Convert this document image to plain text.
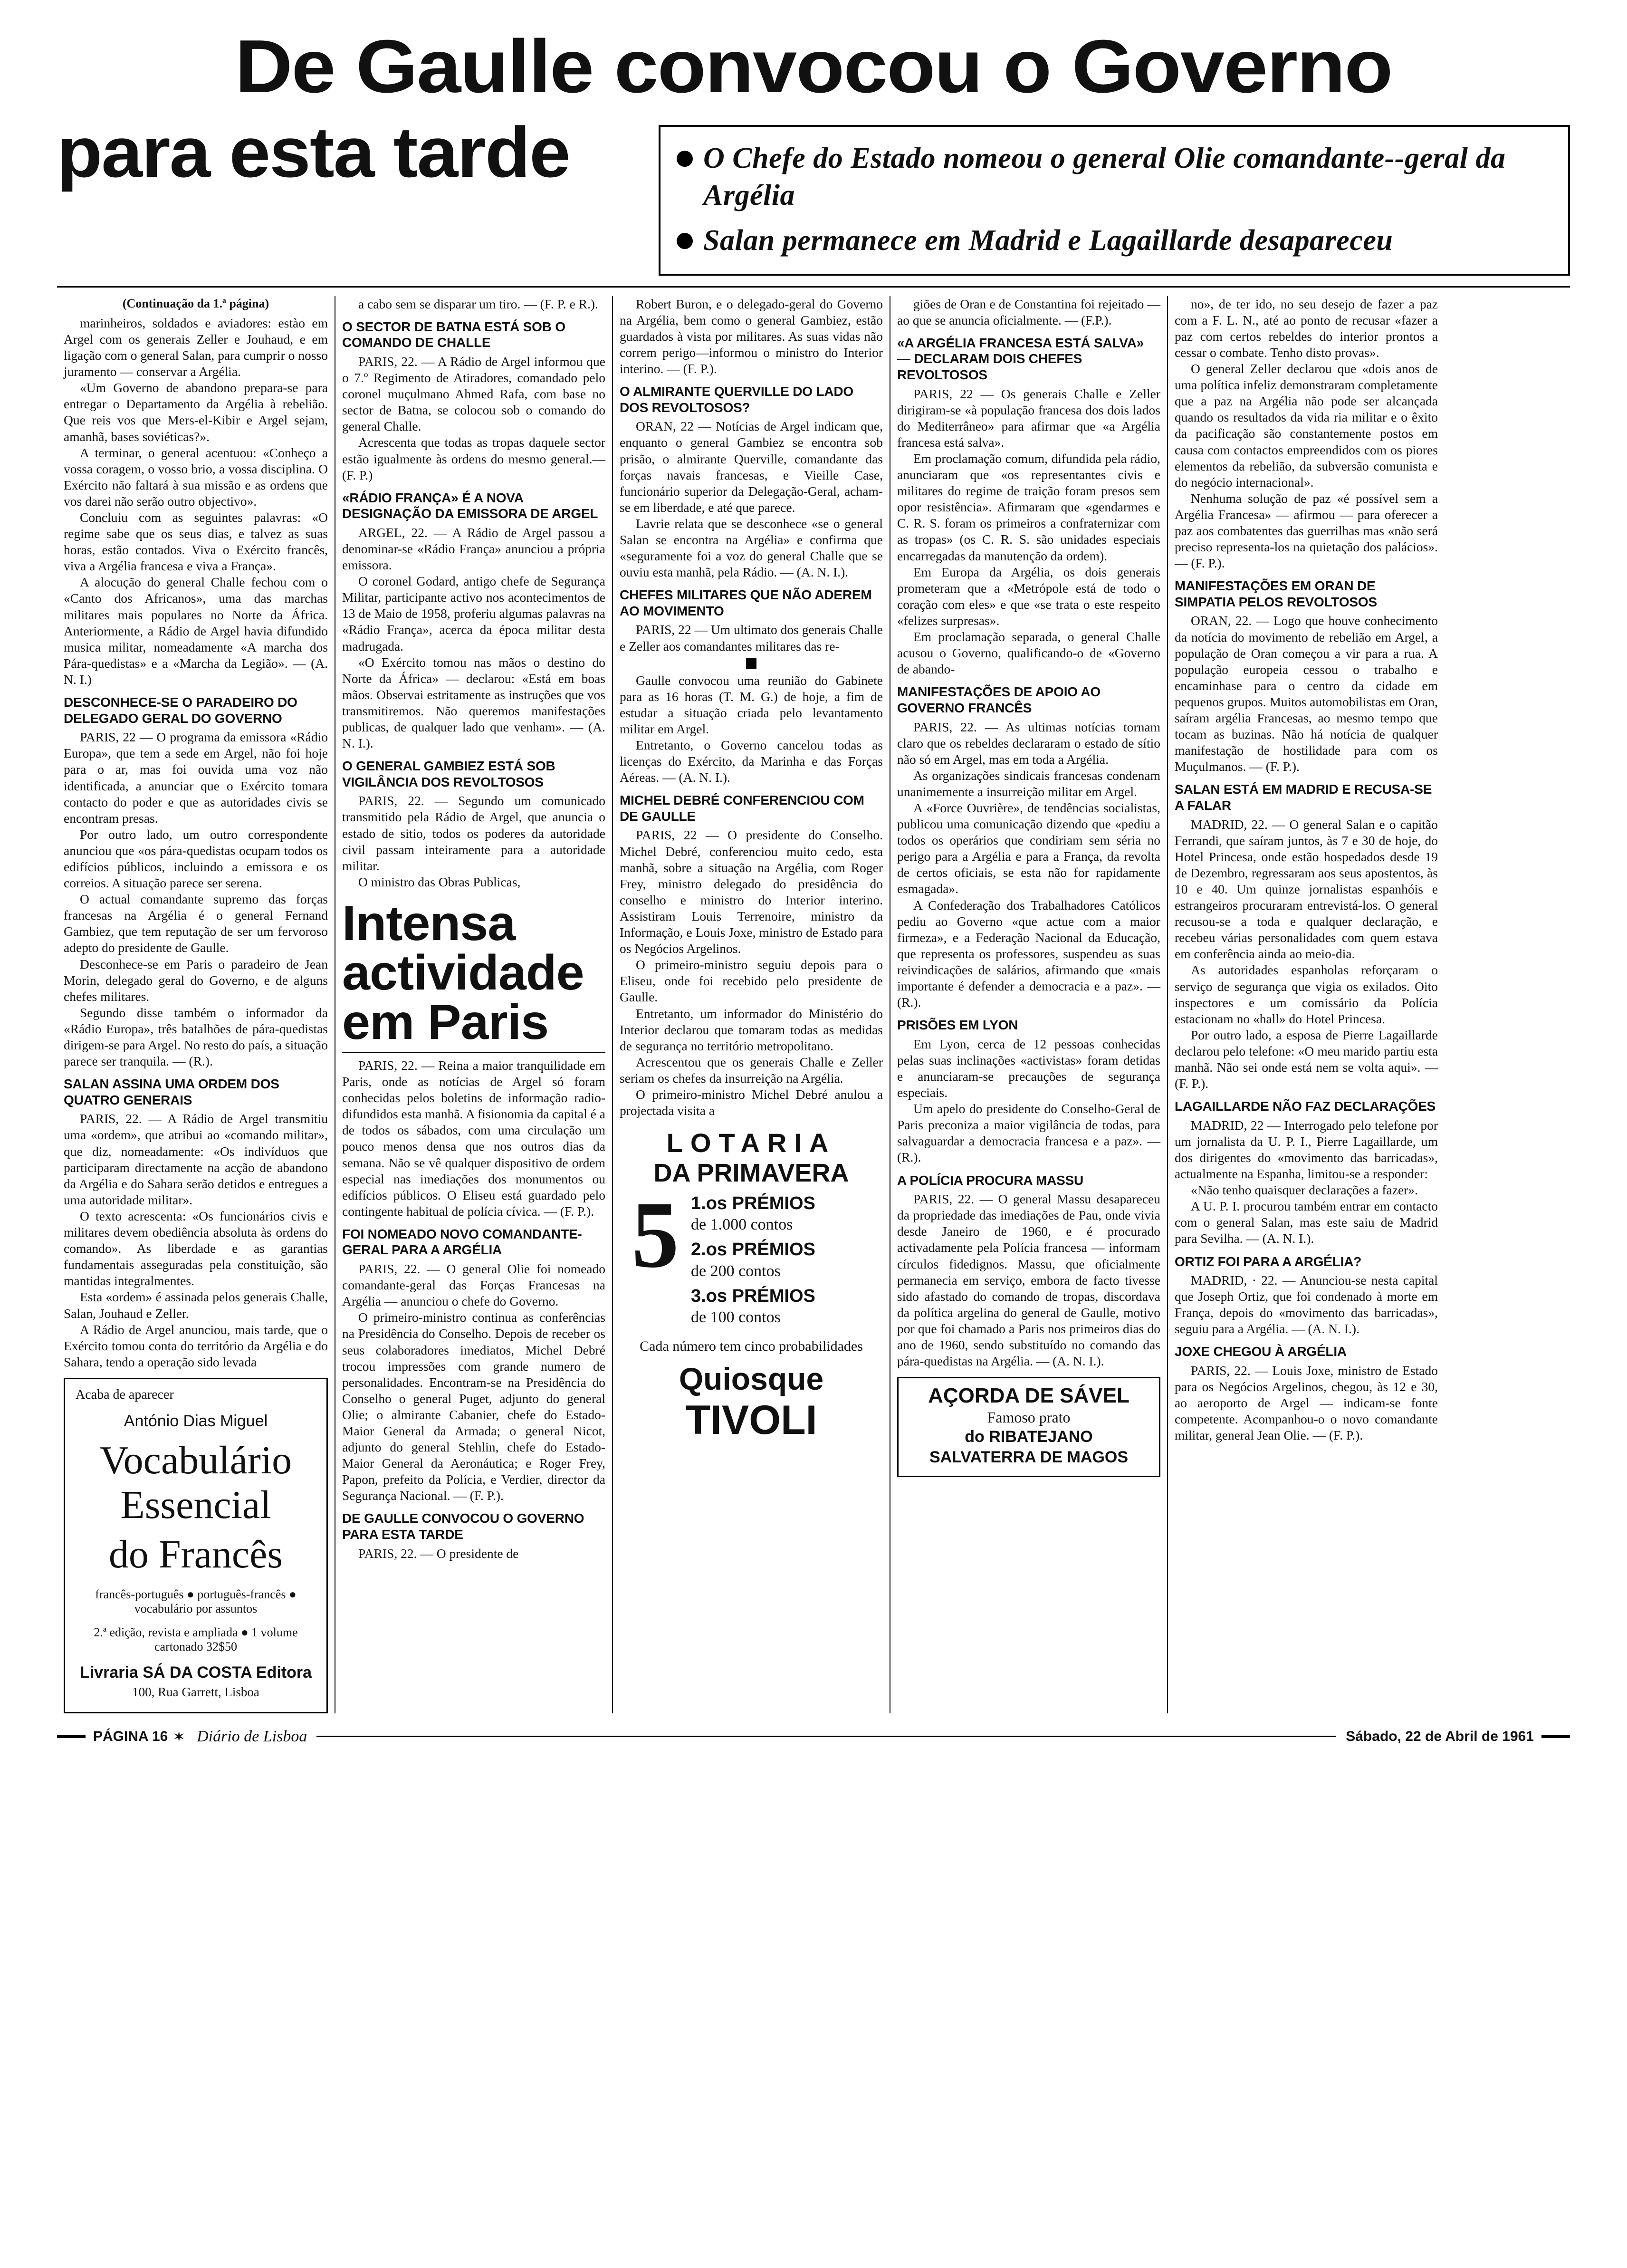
De Gaulle convocou o Governo
para esta tarde	O Chefe do Estado nomeou o general Olie comandante--geral da Argélia
Salan permanece em Madrid e Lagaillarde desapareceu
(Continuação da 1.ª página)
marinheiros, soldados e aviadores: estào em Argel com os generais Zeller e Jouhaud, e em ligação com o general Salan, para cumprir o nosso juramento — conservar a Argélia.
«Um Governo de abandono prepara-se para entregar o Departamento da Argélia à rebelião. Que reis vos que Mers-el-Kibir e Argel sejam, amanhã, bases soviéticas?».
A terminar, o general acentuou: «Conheço a vossa coragem, o vosso brio, a vossa disciplina. O Exército não faltará à sua missão e as ordens que vos darei não serão outro objectivo».
Concluiu com as seguintes palavras: «O regime sabe que os seus dias, e talvez as suas horas, estão contados. Viva o Exército francês, viva a Argélia francesa e viva a França».
A alocução do general Challe fechou com o «Canto dos Africanos», uma das marchas militares mais populares no Norte da África. Anteriormente, a Rádio de Argel havia difundido musica militar, nomeadamente «A marcha dos Pára-quedistas» e a «Marcha da Legião». — (A. N. I.)
DESCONHECE-SE O PARADEIRO DO DELEGADO GERAL DO GOVERNO
PARIS, 22 — O programa da emissora «Rádio Europa», que tem a sede em Argel, não foi hoje para o ar, mas foi ouvida uma voz não identificada, a anunciar que o Exército tomara contacto do poder e que as autoridades civis se encontram presas.
Por outro lado, um outro correspondente anunciou que «os pára-quedistas ocupam todos os edifícios públicos, incluindo a emissora e os correios. A situação parece ser serena.
O actual comandante supremo das forças francesas na Argélia é o general Fernand Gambiez, que tem reputação de ser um fervoroso adepto do presidente de Gaulle.
Desconhece-se em Paris o paradeiro de Jean Morin, delegado geral do Governo, e de alguns chefes militares.
Segundo disse também o informador da «Rádio Europa», três batalhões de pára-quedistas dirigem-se para Argel. No resto do país, a situação parece ser tranquila. — (R.).
SALAN ASSINA UMA ORDEM DOS QUATRO GENERAIS
PARIS, 22. — A Rádio de Argel transmitiu uma «ordem», que atribui ao «comando militar», que diz, nomeadamente: «Os indivíduos que participaram directamente na acção de abandono da Argélia e do Sahara serão detidos e entregues a uma autoridade militar».
O texto acrescenta: «Os funcionários civis e militares devem obediência absoluta às ordens do comando». As liberdade e as garantias fundamentais asseguradas pela constituição, são mantidas integralmentes.
Esta «ordem» é assinada pelos generais Challe, Salan, Jouhaud e Zeller.
A Rádio de Argel anunciou, mais tarde, que o Exército tomou conta do território da Argélia e do Sahara, tendo a operação sido levada
Acaba de aparecer
António Dias Miguel
Vocabulário Essencial
do Francês
francês-português ● português-francês ● vocabulário por assuntos
2.ª edição, revista e ampliada ● 1 volume cartonado 32$50
Livraria SÁ DA COSTA Editora
100, Rua Garrett, Lisboa
a cabo sem se disparar um tiro. — (F. P. e R.).
O SECTOR DE BATNA ESTÁ SOB O COMANDO DE CHALLE
PARIS, 22. — A Rádio de Argel informou que o 7.º Regimento de Atiradores, comandado pelo coronel muçulmano Ahmed Rafa, com base no sector de Batna, se colocou sob o comando do general Challe.
Acrescenta que todas as tropas daquele sector estão igualmente às ordens do mesmo general.—(F. P.)
«RÁDIO FRANÇA» É A NOVA DESIGNAÇÃO DA EMISSORA DE ARGEL
ARGEL, 22. — A Rádio de Argel passou a denominar-se «Rádio França» anunciou a própria emissora.
O coronel Godard, antigo chefe de Segurança Militar, participante activo nos acontecimentos de 13 de Maio de 1958, proferiu algumas palavras na «Rádio França», acerca da época militar desta madrugada.
«O Exército tomou nas mãos o destino do Norte da África» — declarou: «Está em boas mãos. Observai estritamente as instruções que vos transmitiremos. Não queremos manifestações publicas, de qualquer lado que venham». — (A. N. I.).
O GENERAL GAMBIEZ ESTÁ SOB VIGILÂNCIA DOS REVOLTOSOS
PARIS, 22. — Segundo um comunicado transmitido pela Rádio de Argel, que anuncia o estado de sitio, todos os poderes da autoridade civil passam inteiramente para a autoridade militar.
O ministro das Obras Publicas,
Intensa actividade em Paris
PARIS, 22. — Reina a maior tranquilidade em Paris, onde as notícias de Argel só foram conhecidas pelos boletins de informação radio-difundidos esta manhã. A fisionomia da capital é a de todos os sábados, com uma circulação um pouco menos densa que nos outros dias da semana. Não se vê qualquer dispositivo de ordem especial nas imediações dos monumentos ou edifícios públicos. O Eliseu está guardado pelo contingente habitual de polícia cívica. — (F. P.).
FOI NOMEADO NOVO COMANDANTE-GERAL PARA A ARGÉLIA
PARIS, 22. — O general Olie foi nomeado comandante-geral das Forças Francesas na Argélia — anunciou o chefe do Governo.
O primeiro-ministro continua as conferências na Presidência do Conselho. Depois de receber os seus colaboradores imediatos, Michel Debré trocou impressões com grande numero de personalidades. Encontram-se na Presidência do Conselho o general Puget, adjunto do general Olie; o almirante Cabanier, chefe do Estado-Maior General da Armada; o general Nicot, adjunto do general Stehlin, chefe do Estado-Maior General da Aeronáutica; e Roger Frey, Papon, prefeito da Polícia, e Verdier, director da Segurança Nacional. — (F. P.).
DE GAULLE CONVOCOU O GOVERNO PARA ESTA TARDE
PARIS, 22. — O presidente de
Robert Buron, e o delegado-geral do Governo na Argélia, bem como o general Gambiez, estão guardados à vista por militares. As suas vidas não correm perigo—informou o ministro do Interior interino. — (F. P.).
O ALMIRANTE QUERVILLE DO LADO DOS REVOLTOSOS?
ORAN, 22 — Notícias de Argel indicam que, enquanto o general Gambiez se encontra sob prisão, o almirante Querville, comandante das forças navais francesas, e Vieille Case, funcionário superior da Delegação-Geral, acham-se em liberdade, e até que parece.
Lavrie relata que se desconhece «se o general Salan se encontra na Argélia» e confirma que «seguramente foi a voz do general Challe que se ouviu esta manhã, pela Rádio. — (A. N. I.).
CHEFES MILITARES QUE NÃO ADEREM AO MOVIMENTO
PARIS, 22 — Um ultimato dos generais Challe e Zeller aos comandantes militares das re-
Gaulle convocou uma reunião do Gabinete para as 16 horas (T. M. G.) de hoje, a fim de estudar a situação criada pelo levantamento militar em Argel.
Entretanto, o Governo cancelou todas as licenças do Exército, da Marinha e das Forças Aéreas. — (A. N. I.).
MICHEL DEBRÉ CONFERENCIOU COM DE GAULLE
PARIS, 22 — O presidente do Conselho. Michel Debré, conferenciou muito cedo, esta manhã, sobre a situação na Argélia, com Roger Frey, ministro delegado do presidência do conselho e ministro do Interior interino. Assistiram Louis Terrenoire, ministro da Informação, e Louis Joxe, ministro de Estado para os Negócios Argelinos.
O primeiro-ministro seguiu depois para o Eliseu, onde foi recebido pelo presidente de Gaulle.
Entretanto, um informador do Ministério do Interior declarou que tomaram todas as medidas de segurança no território metropolitano.
Acrescentou que os generais Challe e Zeller seriam os chefes da insurreição na Argélia.
O primeiro-ministro Michel Debré anulou a projectada visita a
LOTARIA
DA PRIMAVERA
5 1.os PRÉMIOS
de 1.000 contos
2.os PRÉMIOS
de 200 contos
3.os PRÉMIOS
de 100 contos
Cada número tem cinco probabilidades
Quiosque TIVOLI
giões de Oran e de Constantina foi rejeitado — ao que se anuncia oficialmente. — (F.P.).
«A ARGÉLIA FRANCESA ESTÁ SALVA» — DECLARAM DOIS CHEFES REVOLTOSOS
PARIS, 22 — Os generais Challe e Zeller dirigiram-se «à população francesa dos dois lados do Mediterrâneo» para afirmar que «a Argélia francesa está salva».
Em proclamação comum, difundida pela rádio, anunciaram que «os representantes civis e militares do regime de traição foram presos sem opor resistência». Afirmaram que «gendarmes e C. R. S. foram os primeiros a confraternizar com as tropas» (os C. R. S. são unidades especiais encarregadas da manutenção da ordem).
Em Europa da Argélia, os dois generais prometeram que a «Metrópole está de todo o coração com eles» e que «se trata o este respeito «felizes surpresas».
Em proclamação separada, o general Challe acusou o Governo, qualificando-o de «Governo de abando-
MANIFESTAÇÕES DE APOIO AO GOVERNO FRANCÊS
PARIS, 22. — As ultimas notícias tornam claro que os rebeldes declararam o estado de sítio não só em Argel, mas em toda a Argélia.
As organizações sindicais francesas condenam unanimemente a insurreição militar em Argel.
A «Force Ouvrière», de tendências socialistas, publicou uma comunicação dizendo que «pediu a todos os operários que condiriam sem séria no perigo para a Argélia e para a França, da revolta de certos oficiais, se esta não for rapidamente esmagada».
A Confederação dos Trabalhadores Católicos pediu ao Governo «que actue com a maior firmeza», e a Federação Nacional da Educação, que representa os professores, suspendeu as suas reivindicações de salários, afirmando que «mais importante é defender a democracia e a paz». — (R.).
PRISÕES EM LYON
Em Lyon, cerca de 12 pessoas conhecidas pelas suas inclinações «activistas» foram detidas e anunciaram-se precauções de segurança especiais.
Um apelo do presidente do Conselho-Geral de Paris preconiza a maior vigilância de todas, para salvaguardar a democracia francesa e a paz». — (R.).
A POLÍCIA PROCURA MASSU
PARIS, 22. — O general Massu desapareceu da propriedade das imediações de Pau, onde vivia desde Janeiro de 1960, e é procurado activadamente pela Polícia francesa — informam círculos fidedignos. Massu, que oficialmente permanecia em serviço, embora de facto tivesse sido afastado do comando de tropas, discordava da política argelina do general de Gaulle, motivo por que foi chamado a Paris nos primeiros dias do ano de 1960, sendo substituído no comando das pára-quedistas na Argélia. — (A. N. I.).
AÇORDA DE SÁVEL
Famoso prato
do RIBATEJANO
SALVATERRA DE MAGOS
no», de ter ido, no seu desejo de fazer a paz com a F. L. N., até ao ponto de recusar «fazer a paz com certos rebeldes do interior prontos a cessar o combate. Tenho disto provas».
O general Zeller declarou que «dois anos de uma política infeliz demonstraram completamente que a paz na Argélia não pode ser alcançada quando os resultados da vida ria militar e o êxito da pacificação são constantemente postos em causa com contactos empreendidos com os piores elementos da rebelião, da subversão comunista e do negócio internacional».
Nenhuma solução de paz «é possível sem a Argélia Francesa» — afirmou — para oferecer a paz aos combatentes das guerrilhas mas «não será preciso representa-los na quietação dos palácios». — (F. P.).
MANIFESTAÇÕES EM ORAN DE SIMPATIA PELOS REVOLTOSOS
ORAN, 22. — Logo que houve conhecimento da notícia do movimento de rebelião em Argel, a população de Oran começou a vir para a rua. A população europeia cessou o trabalho e encaminhase para o centro da cidade em pequenos grupos. Muitos automobilistas em Oran, saíram argélia Francesas, ao mesmo tempo que tocam as buzinas. Não há notícia de qualquer manifestação de hostilidade para com os Muçulmanos. — (F. P.).
SALAN ESTÁ EM MADRID E RECUSA-SE A FALAR
MADRID, 22. — O general Salan e o capitão Ferrandi, que saíram juntos, às 7 e 30 de hoje, do Hotel Princesa, onde estão hospedados desde 19 de Dezembro, regressaram aos seus apostentos, às 10 e 40. Um quinze jornalistas espanhóis e estrangeiros procuraram entrevistá-los. O general recusou-se a toda e qualquer declaração, e recebeu várias personalidades com quem estava em conferência ainda ao meio-dia.
As autoridades espanholas reforçaram o serviço de segurança que vigia os exilados. Oito inspectores e um comissário da Polícia estacionam no «hall» do Hotel Princesa.
Por outro lado, a esposa de Pierre Lagaillarde declarou pelo telefone: «O meu marido partiu esta manhã. Não sei onde está nem se volta aqui». — (F. P.).
LAGAILLARDE NÃO FAZ DECLARAÇÕES
MADRID, 22 — Interrogado pelo telefone por um jornalista da U. P. I., Pierre Lagaillarde, um dos dirigentes do «movimento das barricadas», actualmente na Espanha, limitou-se a responder:
«Não tenho quaisquer declarações a fazer».
A U. P. I. procurou também entrar em contacto com o general Salan, mas este saiu de Madrid para Sevilha. — (A. N. I.).
ORTIZ FOI PARA A ARGÉLIA?
MADRID, · 22. — Anunciou-se nesta capital que Joseph Ortiz, que foi condenado à morte em França, depois do «movimento das barricadas», seguiu para a Argélia. — (A. N. I.).
JOXE CHEGOU À ARGÉLIA
PARIS, 22. — Louis Joxe, ministro de Estado para os Negócios Argelinos, chegou, às 12 e 30, ao aeroporto de Argel — indicam-se fonte competente. Acompanhou-o o novo comandante militar, general Jean Olie. — (F. P.).
PÁGINA 16 ✶ Diário de Lisboa	Sábado, 22 de Abril de 1961
